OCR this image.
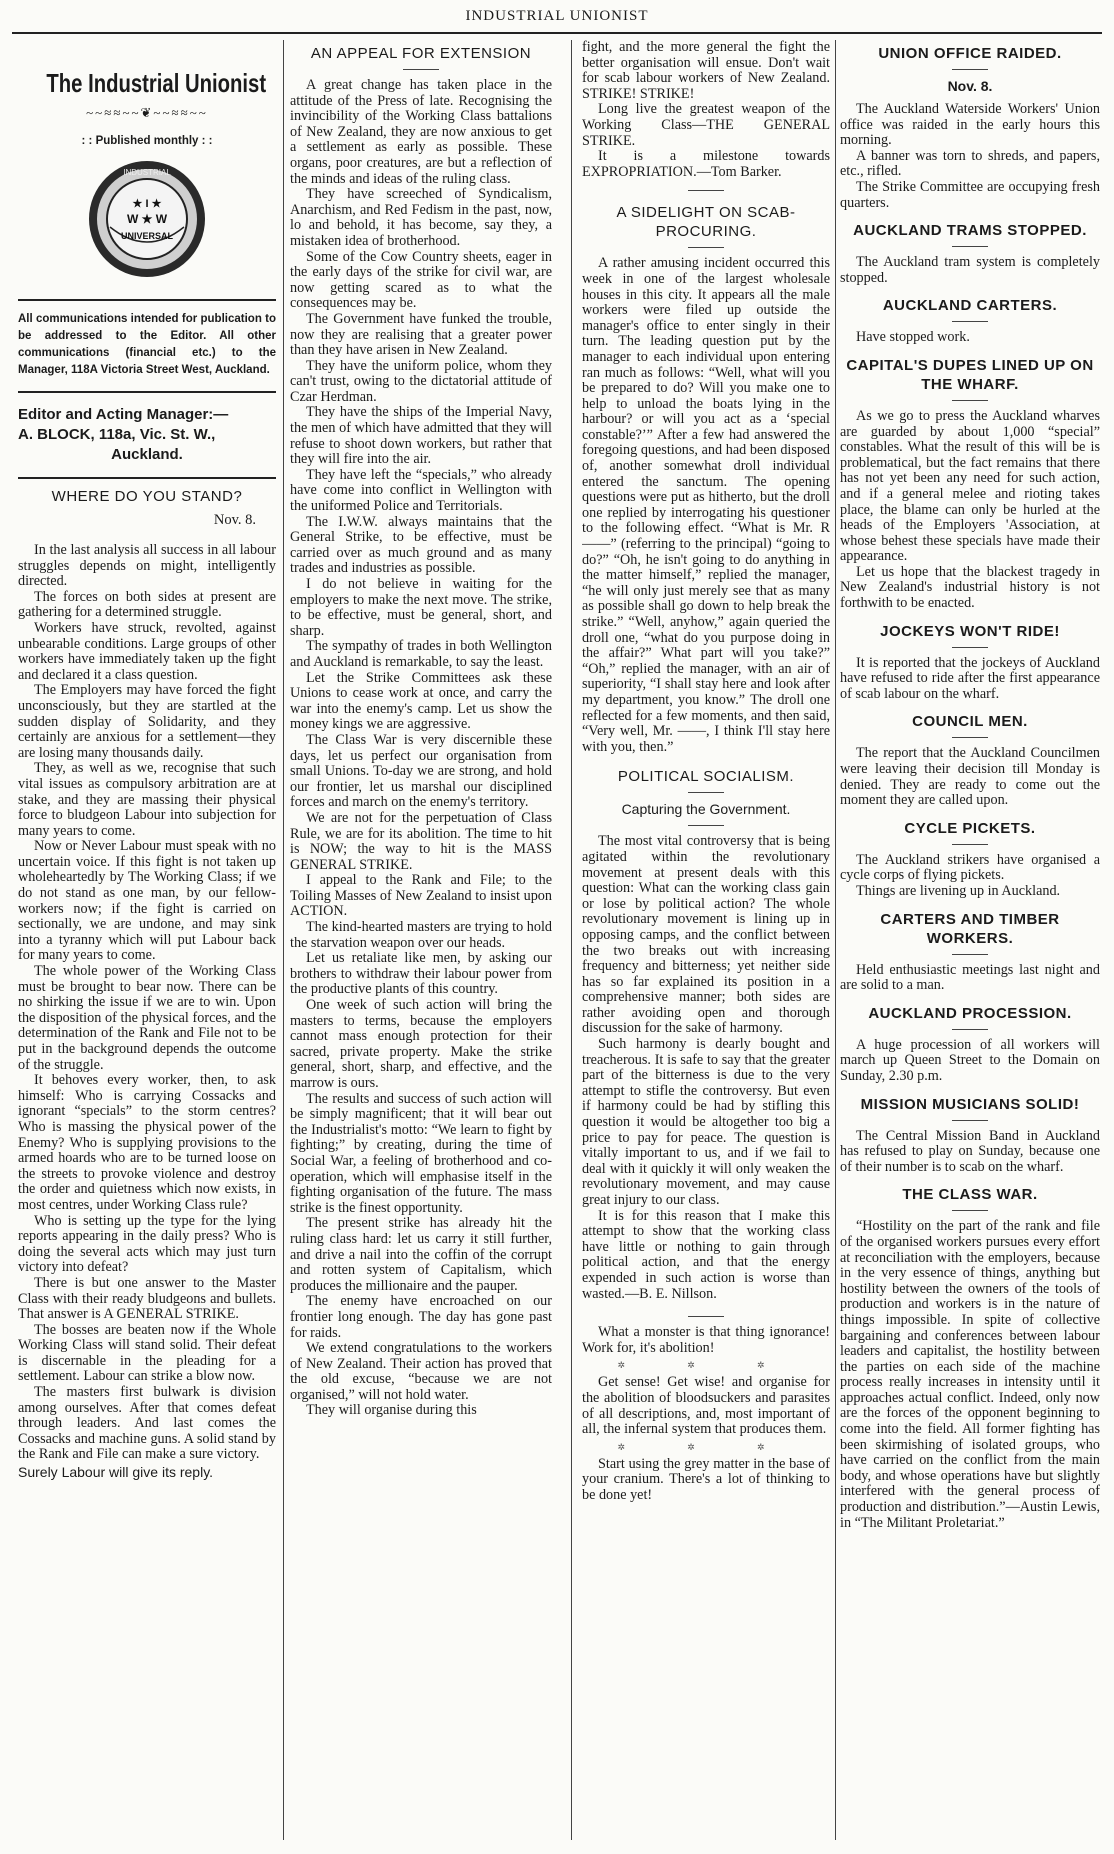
INDUSTRIAL UNIONIST
The Industrial Unionist
~~≈≈~~❦~~≈≈~~
: : Published monthly : :
INDUSTRIAL
★ I ★
W ★ W
UNIVERSAL
All communications intended for publication to be addressed to the Editor. All other communications (financial etc.) to the Manager, 118A Victoria Street West, Auckland.
Editor and Acting Manager:—
A. BLOCK, 118a, Vic. St. W.,

Auckland.
WHERE DO YOU STAND?
Nov. 8.

In the last analysis all success in all labour struggles depends on might, intelligently directed.

The forces on both sides at present are gathering for a determined struggle.

Workers have struck, revolted, against unbearable conditions. Large groups of other workers have immediately taken up the fight and declared it a class question.

The Employers may have forced the fight unconsciously, but they are startled at the sudden display of Solidarity, and they certainly are anxious for a settlement—they are losing many thousands daily.

They, as well as we, recognise that such vital issues as compulsory arbitration are at stake, and they are massing their physical force to bludgeon Labour into subjection for many years to come.

Now or Never Labour must speak with no uncertain voice. If this fight is not taken up wholeheartedly by The Working Class; if we do not stand as one man, by our fellow-workers now; if the fight is carried on sectionally, we are undone, and may sink into a tyranny which will put Labour back for many years to come.

The whole power of the Working Class must be brought to bear now. There can be no shirking the issue if we are to win. Upon the disposition of the physical forces, and the determination of the Rank and File not to be put in the background depends the outcome of the struggle.

It behoves every worker, then, to ask himself: Who is carrying Cossacks and ignorant “specials” to the storm centres? Who is massing the physical power of the Enemy? Who is supplying provisions to the armed hoards who are to be turned loose on the streets to provoke violence and destroy the order and quietness which now exists, in most centres, under Working Class rule?

Who is setting up the type for the lying reports appearing in the daily press? Who is doing the several acts which may just turn victory into defeat?

There is but one answer to the Master Class with their ready bludgeons and bullets. That answer is A GENERAL STRIKE.

The bosses are beaten now if the Whole Working Class will stand solid. Their defeat is discernable in the pleading for a settlement. Labour can strike a blow now.

The masters first bulwark is division among ourselves. After that comes defeat through leaders. And last comes the Cossacks and machine guns. A solid stand by the Rank and File can make a sure victory.

Surely Labour will give its reply.

AN APPEAL FOR EXTENSION

A great change has taken place in the attitude of the Press of late. Recognising the invincibility of the Working Class battalions of New Zealand, they are now anxious to get a settlement as early as possible. These organs, poor creatures, are but a reflection of the minds and ideas of the ruling class.

They have screeched of Syndicalism, Anarchism, and Red Fedism in the past, now, lo and behold, it has become, say they, a mistaken idea of brotherhood.

Some of the Cow Country sheets, eager in the early days of the strike for civil war, are now getting scared as to what the consequences may be.

The Government have funked the trouble, now they are realising that a greater power than they have arisen in New Zealand.

They have the uniform police, whom they can't trust, owing to the dictatorial attitude of Czar Herdman.

They have the ships of the Imperial Navy, the men of which have admitted that they will refuse to shoot down workers, but rather that they will fire into the air.

They have left the “specials,” who already have come into conflict in Wellington with the uniformed Police and Territorials.

The I.W.W. always maintains that the General Strike, to be effective, must be carried over as much ground and as many trades and industries as possible.

I do not believe in waiting for the employers to make the next move. The strike, to be effective, must be general, short, and sharp.

The sympathy of trades in both Wellington and Auckland is remarkable, to say the least.

Let the Strike Committees ask these Unions to cease work at once, and carry the war into the enemy's camp. Let us show the money kings we are aggressive.

The Class War is very discernible these days, let us perfect our organisation from small Unions. To-day we are strong, and hold our frontier, let us marshal our disciplined forces and march on the enemy's territory.

We are not for the perpetuation of Class Rule, we are for its abolition. The time to hit is NOW; the way to hit is the MASS GENERAL STRIKE.

I appeal to the Rank and File; to the Toiling Masses of New Zealand to insist upon ACTION.

The kind-hearted masters are trying to hold the starvation weapon over our heads.

Let us retaliate like men, by asking our brothers to withdraw their labour power from the productive plants of this country.

One week of such action will bring the masters to terms, because the employers cannot mass enough protection for their sacred, private property. Make the strike general, short, sharp, and effective, and the marrow is ours.

The results and success of such action will be simply magnificent; that it will bear out the Industrialist's motto: “We learn to fight by fighting;” by creating, during the time of Social War, a feeling of brotherhood and co-operation, which will emphasise itself in the fighting organisation of the future. The mass strike is the finest opportunity.

The present strike has already hit the ruling class hard: let us carry it still further, and drive a nail into the coffin of the corrupt and rotten system of Capitalism, which produces the millionaire and the pauper.

The enemy have encroached on our frontier long enough. The day has gone past for raids.

We extend congratulations to the workers of New Zealand. Their action has proved that the old excuse, “because we are not organised,” will not hold water.

They will organise during this

fight, and the more general the fight the better organisation will ensue. Don't wait for scab labour workers of New Zealand. STRIKE! STRIKE!

Long live the greatest weapon of the Working Class—THE GENERAL STRIKE.

It is a milestone towards EXPROPRIATION.—Tom Barker.

A SIDELIGHT ON SCAB-PROCURING.

A rather amusing incident occurred this week in one of the largest wholesale houses in this city. It appears all the male workers were filed up outside the manager's office to enter singly in their turn. The leading question put by the manager to each individual upon entering ran much as follows: “Well, what will you be prepared to do? Will you make one to help to unload the boats lying in the harbour? or will you act as a ‘special constable?’” After a few had answered the foregoing questions, and had been disposed of, another somewhat droll individual entered the sanctum. The opening questions were put as hitherto, but the droll one replied by interrogating his questioner to the following effect. “What is Mr. R——” (referring to the principal) “going to do?” “Oh, he isn't going to do anything in the matter himself,” replied the manager, “he will only just merely see that as many as possible shall go down to help break the strike.” “Well, anyhow,” again queried the droll one, “what do you purpose doing in the affair?” What part will you take?” “Oh,” replied the manager, with an air of superiority, “I shall stay here and look after my department, you know.” The droll one reflected for a few moments, and then said, “Very well, Mr. ——, I think I'll stay here with you, then.”

POLITICAL SOCIALISM.
Capturing the Government.

The most vital controversy that is being agitated within the revolutionary movement at present deals with this question: What can the working class gain or lose by political action? The whole revolutionary movement is lining up in opposing camps, and the conflict between the two breaks out with increasing frequency and bitterness; yet neither side has so far explained its position in a comprehensive manner; both sides are rather avoiding open and thorough discussion for the sake of harmony.

Such harmony is dearly bought and treacherous. It is safe to say that the greater part of the bitterness is due to the very attempt to stifle the controversy. But even if harmony could be had by stifling this question it would be altogether too big a price to pay for peace. The question is vitally important to us, and if we fail to deal with it quickly it will only weaken the revolutionary movement, and may cause great injury to our class.

It is for this reason that I make this attempt to show that the working class have little or nothing to gain through political action, and that the energy expended in such action is worse than wasted.—B. E. Nillson.

What a monster is that thing ignorance! Work for, it's abolition!

✲ ✲ ✲

Get sense! Get wise! and organise for the abolition of bloodsuckers and parasites of all descriptions, and, most important of all, the infernal system that produces them.

✲ ✲ ✲

Start using the grey matter in the base of your cranium. There's a lot of thinking to be done yet!

UNION OFFICE RAIDED.
Nov. 8.

The Auckland Waterside Workers' Union office was raided in the early hours this morning.

A banner was torn to shreds, and papers, etc., rifled.

The Strike Committee are occupying fresh quarters.

AUCKLAND TRAMS STOPPED.

The Auckland tram system is completely stopped.

AUCKLAND CARTERS.

Have stopped work.

CAPITAL'S DUPES LINED UP ON THE WHARF.

As we go to press the Auckland wharves are guarded by about 1,000 “special” constables. What the result of this will be is problematical, but the fact remains that there has not yet been any need for such action, and if a general melee and rioting takes place, the blame can only be hurled at the heads of the Employers 'Association, at whose behest these specials have made their appearance.

Let us hope that the blackest tragedy in New Zealand's industrial history is not forthwith to be enacted.

JOCKEYS WON'T RIDE!

It is reported that the jockeys of Auckland have refused to ride after the first appearance of scab labour on the wharf.

COUNCIL MEN.

The report that the Auckland Councilmen were leaving their decision till Monday is denied. They are ready to come out the moment they are called upon.

CYCLE PICKETS.

The Auckland strikers have organised a cycle corps of flying pickets.

Things are livening up in Auckland.

CARTERS AND TIMBER WORKERS.

Held enthusiastic meetings last night and are solid to a man.

AUCKLAND PROCESSION.

A huge procession of all workers will march up Queen Street to the Domain on Sunday, 2.30 p.m.

MISSION MUSICIANS SOLID!

The Central Mission Band in Auckland has refused to play on Sunday, because one of their number is to scab on the wharf.

THE CLASS WAR.

“Hostility on the part of the rank and file of the organised workers pursues every effort at reconciliation with the employers, because in the very essence of things, anything but hostility between the owners of the tools of production and workers is in the nature of things impossible. In spite of collective bargaining and conferences between labour leaders and capitalist, the hostility between the parties on each side of the machine process really increases in intensity until it approaches actual conflict. Indeed, only now are the forces of the opponent beginning to come into the field. All former fighting has been skirmishing of isolated groups, who have carried on the conflict from the main body, and whose operations have but slightly interfered with the general process of production and distribution.”—Austin Lewis, in “The Militant Proletariat.”
